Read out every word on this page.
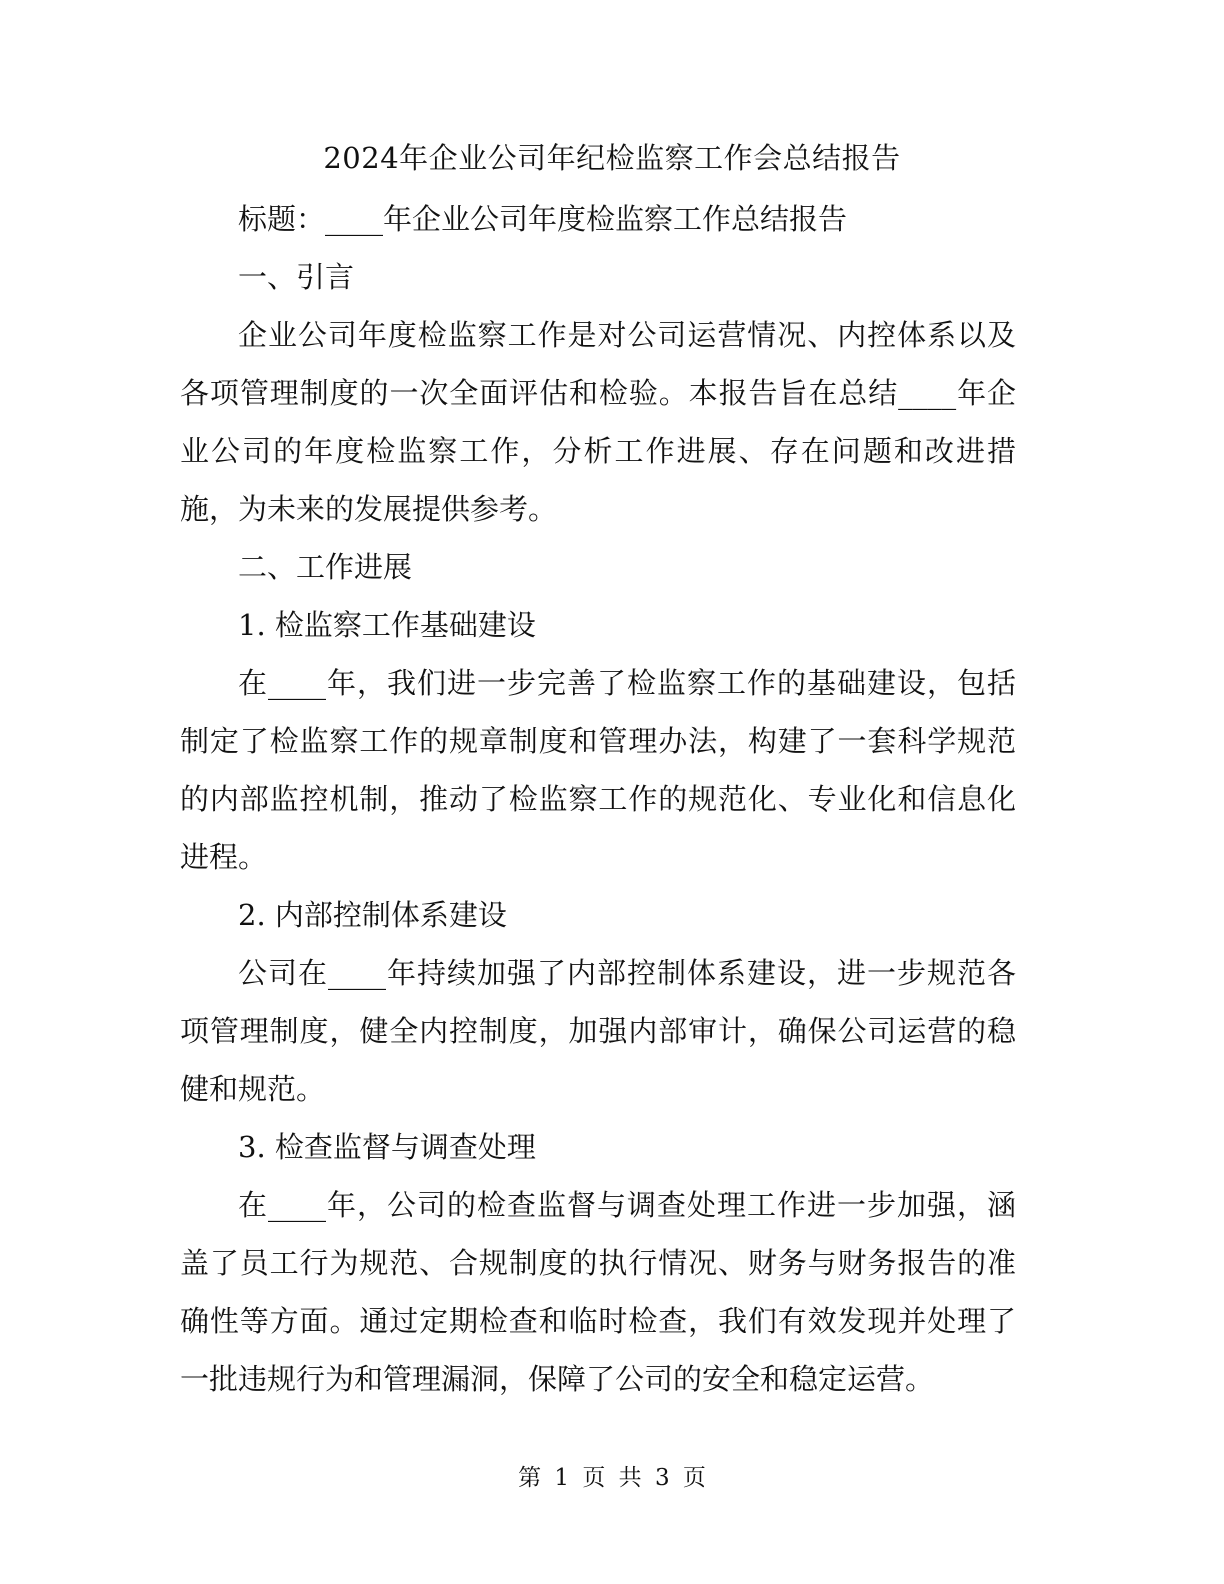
2024年企业公司年纪检监察工作会总结报告

标题：____年企业公司年度检监察工作总结报告

一、引言

企业公司年度检监察工作是对公司运营情况、内控体系以及各项管理制度的一次全面评估和检验。本报告旨在总结____年企业公司的年度检监察工作，分析工作进展、存在问题和改进措施，为未来的发展提供参考。

二、工作进展

1. 检监察工作基础建设

在____年，我们进一步完善了检监察工作的基础建设，包括制定了检监察工作的规章制度和管理办法，构建了一套科学规范的内部监控机制，推动了检监察工作的规范化、专业化和信息化进程。

2. 内部控制体系建设

公司在____年持续加强了内部控制体系建设，进一步规范各项管理制度，健全内控制度，加强内部审计，确保公司运营的稳健和规范。

3. 检查监督与调查处理

在____年，公司的检查监督与调查处理工作进一步加强，涵盖了员工行为规范、合规制度的执行情况、财务与财务报告的准确性等方面。通过定期检查和临时检查，我们有效发现并处理了一批违规行为和管理漏洞，保障了公司的安全和稳定运营。

第 1 页 共 3 页
